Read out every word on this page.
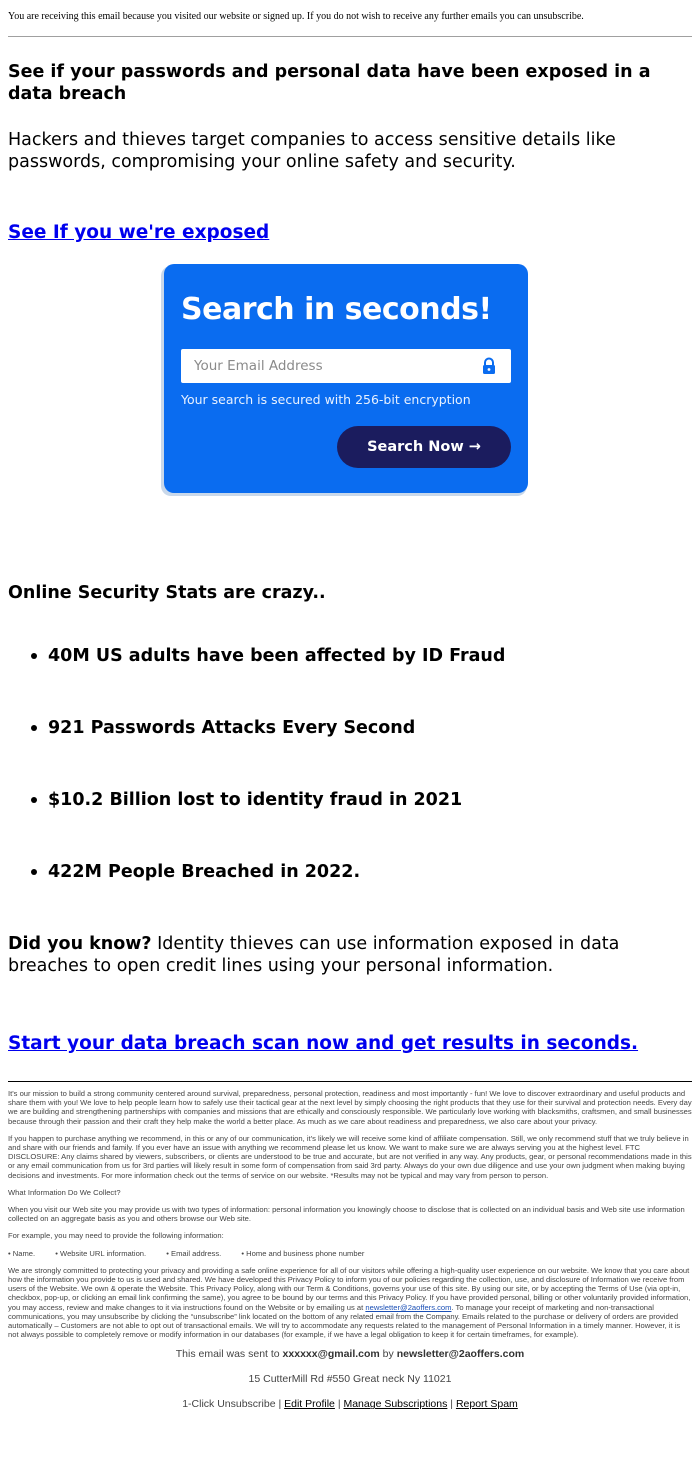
You are receiving this email because you visited our website or signed up. If you do not wish to receive any further emails you can unsubscribe.
See if your passwords and personal data have been exposed in a data breach

Hackers and thieves target companies to access sensitive details like passwords, compromising your online safety and security.

See If you we're exposed
Search in seconds!
Your Email Address
Your search is secured with 256-bit encryption
Search Now →
Online Security Stats are crazy..
40M US adults have been affected by ID Fraud
921 Passwords Attacks Every Second
$10.2 Billion lost to identity fraud in 2021
422M People Breached in 2022.

Did you know? Identity thieves can use information exposed in data breaches to open credit lines using your personal information.

Start your data breach scan now and get results in seconds.

It's our mission to build a strong community centered around survival, preparedness, personal protection, readiness and most importantly - fun! We love to discover extraordinary and useful products and share them with you! We love to help people learn how to safely use their tactical gear at the next level by simply choosing the right products that they use for their survival and protection needs. Every day we are building and strengthening partnerships with companies and missions that are ethically and consciously responsible. We particularly love working with blacksmiths, craftsmen, and small businesses because through their passion and their craft they help make the world a better place. As much as we care about readiness and preparedness, we also care about your privacy.

If you happen to purchase anything we recommend, in this or any of our communication, it's likely we will receive some kind of affiliate compensation. Still, we only recommend stuff that we truly believe in and share with our friends and family. If you ever have an issue with anything we recommend please let us know. We want to make sure we are always serving you at the highest level. FTC DISCLOSURE: Any claims shared by viewers, subscribers, or clients are understood to be true and accurate, but are not verified in any way. Any products, gear, or personal recommendations made in this or any email communication from us for 3rd parties will likely result in some form of compensation from said 3rd party. Always do your own due diligence and use your own judgment when making buying decisions and investments. For more information check out the terms of service on our website. *Results may not be typical and may vary from person to person.

What Information Do We Collect?

When you visit our Web site you may provide us with two types of information: personal information you knowingly choose to disclose that is collected on an individual basis and Web site use information collected on an aggregate basis as you and others browse our Web site.

For example, you may need to provide the following information:

• Name.	• Website URL information.	• Email address.	• Home and business phone number

We are strongly committed to protecting your privacy and providing a safe online experience for all of our visitors while offering a high-quality user experience on our website. We know that you care about how the information you provide to us is used and shared. We have developed this Privacy Policy to inform you of our policies regarding the collection, use, and disclosure of Information we receive from users of the Website. We own & operate the Website. This Privacy Policy, along with our Term & Conditions, governs your use of this site. By using our site, or by accepting the Terms of Use (via opt-in, checkbox, pop-up, or clicking an email link confirming the same), you agree to be bound by our terms and this Privacy Policy. If you have provided personal, billing or other voluntarily provided information, you may access, review and make changes to it via instructions found on the Website or by emailing us at newsletter@2aoffers.com. To manage your receipt of marketing and non-transactional communications, you may unsubscribe by clicking the “unsubscribe” link located on the bottom of any related email from the Company. Emails related to the purchase or delivery of orders are provided automatically – Customers are not able to opt out of transactional emails. We will try to accommodate any requests related to the management of Personal Information in a timely manner. However, it is not always possible to completely remove or modify information in our databases (for example, if we have a legal obligation to keep it for certain timeframes, for example).

This email was sent to xxxxxx@gmail.com by newsletter@2aoffers.com
15 CutterMill Rd #550 Great neck Ny 11021
1-Click Unsubscribe | Edit Profile | Manage Subscriptions | Report Spam
